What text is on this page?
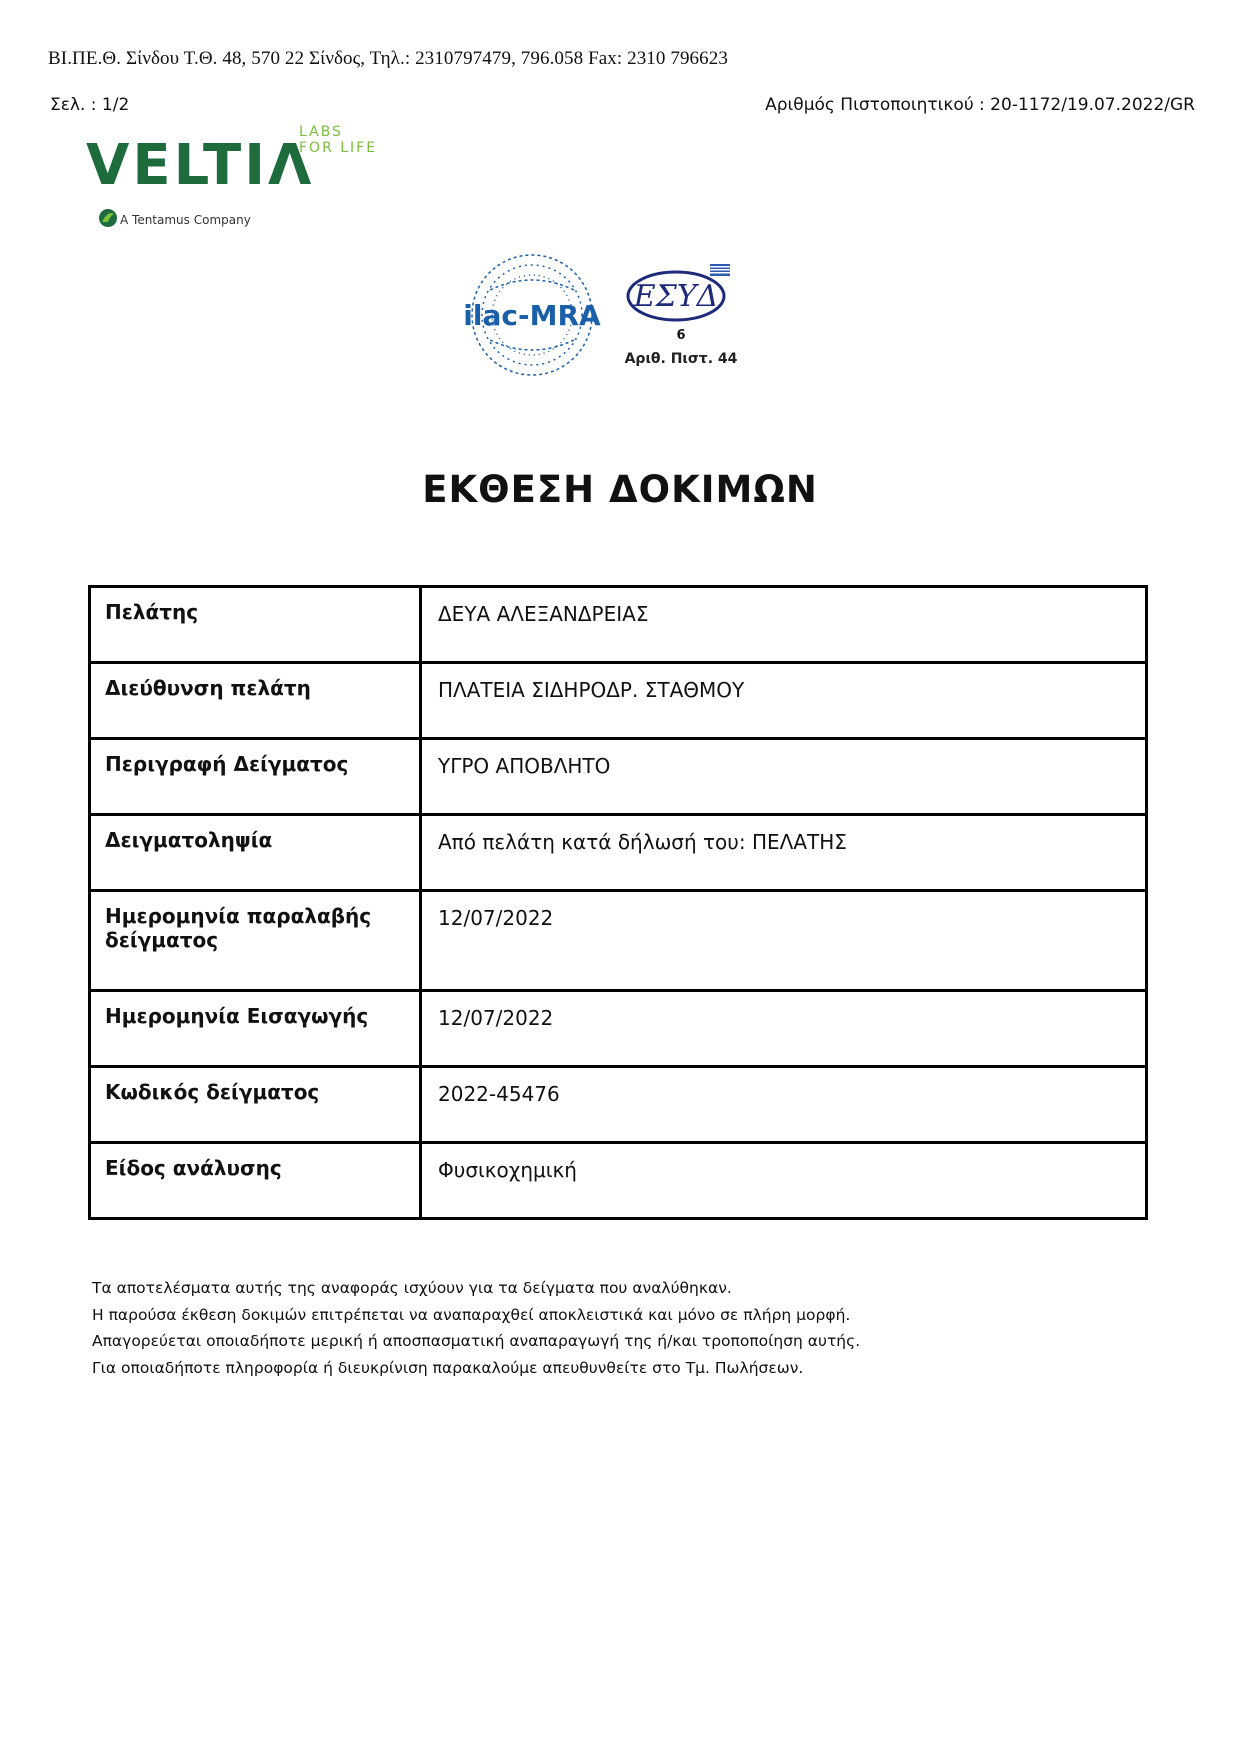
ΒΙ.ΠΕ.Θ. Σίνδου Τ.Θ. 48, 570 22 Σίνδος, Τηλ.: 2310797479, 796.058 Fax: 2310 796623
Σελ. : 1/2	Αριθμός Πιστοποιητικού : 20-1172/19.07.2022/GR
VELTIΛ
LABS
FOR LIFE
A Tentamus Company
ilac-MRA
ΕΣΥΔ
6
Αριθ. Πιστ. 44
ΕΚΘΕΣΗ ΔΟΚΙΜΩΝ
Πελάτης	ΔΕΥΑ ΑΛΕΞΑΝΔΡΕΙΑΣ
Διεύθυνση πελάτη	ΠΛΑΤΕΙΑ ΣΙΔΗΡΟΔΡ. ΣΤΑΘΜΟΥ
Περιγραφή Δείγματος	ΥΓΡΟ ΑΠΟΒΛΗΤΟ
Δειγματοληψία	Από πελάτη κατά δήλωσή του: ΠΕΛΑΤΗΣ
Ημερομηνία παραλαβής δείγματος	12/07/2022
Ημερομηνία Εισαγωγής	12/07/2022
Κωδικός δείγματος	2022-45476
Είδος ανάλυσης	Φυσικοχημική
Τα αποτελέσματα αυτής της αναφοράς ισχύουν για τα δείγματα που αναλύθηκαν.
Η παρούσα έκθεση δοκιμών επιτρέπεται να αναπαραχθεί αποκλειστικά και μόνο σε πλήρη μορφή.
Απαγορεύεται οποιαδήποτε μερική ή αποσπασματική αναπαραγωγή της ή/και τροποποίηση αυτής.
Για οποιαδήποτε πληροφορία ή διευκρίνιση παρακαλούμε απευθυνθείτε στο Τμ. Πωλήσεων.
